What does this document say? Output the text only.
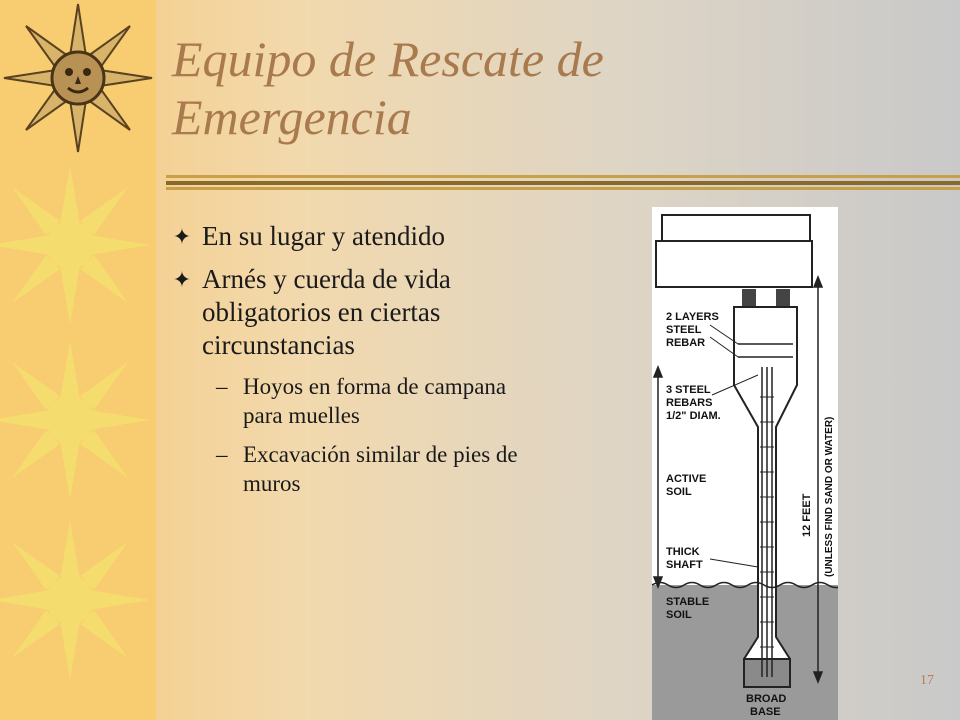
Equipo de Rescate de
Emergencia
✦ En su lugar y atendido
✦ Arnés y cuerda de vida obligatorios en ciertas circunstancias
– Hoyos en forma de campana para muelles
– Excavación similar de pies de muros
2 LAYERS
STEEL
REBAR
3 STEEL
REBARS
1/2" DIAM.
ACTIVE
SOIL
THICK
SHAFT
STABLE
SOIL
BROAD
BASE
12 FEET (UNLESS FIND SAND OR WATER)
17
